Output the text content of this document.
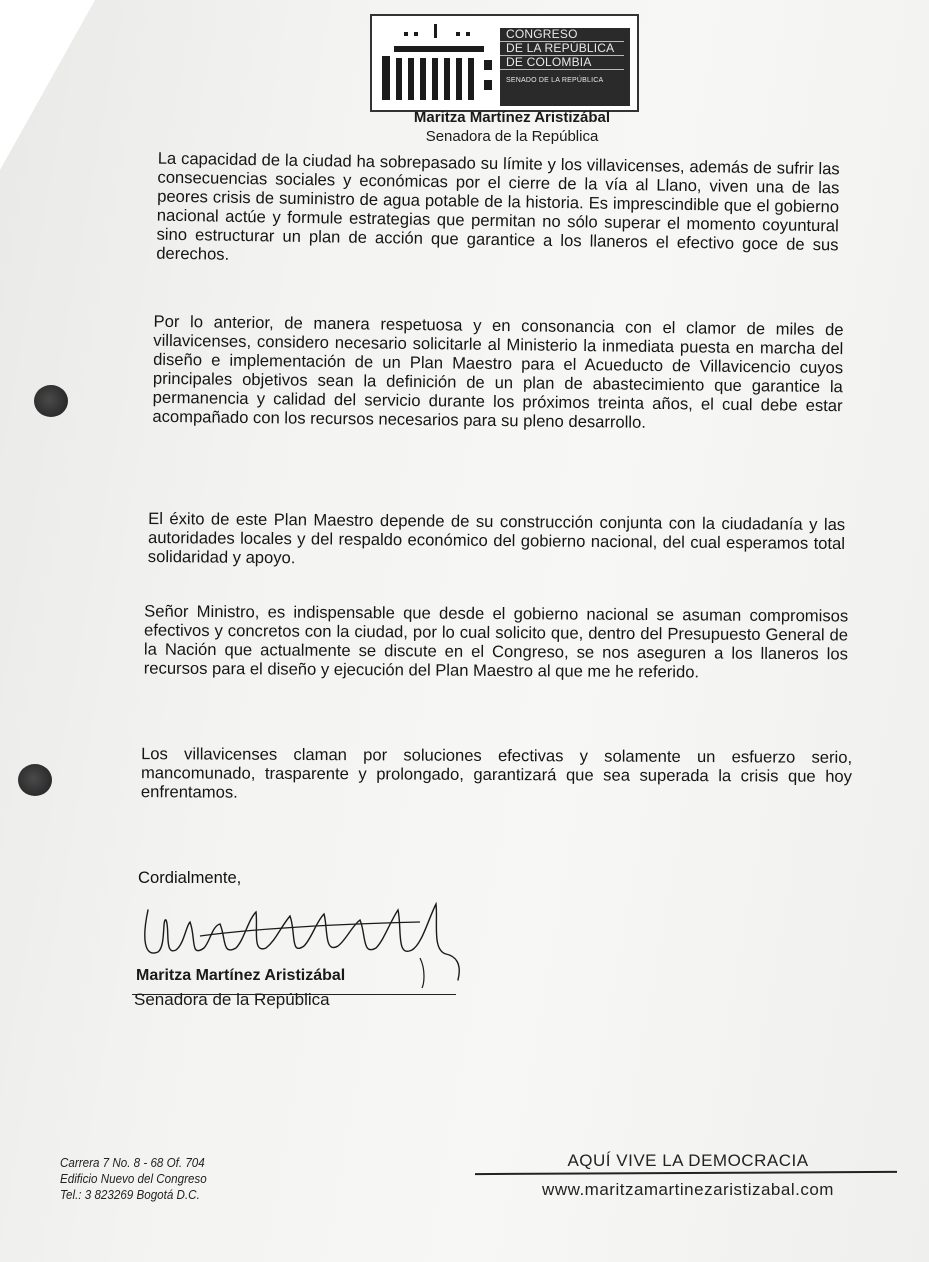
CONGRESO
DE LA REPÚBLICA
DE COLOMBIA
SENADO DE LA REPÚBLICA
Maritza Martínez Aristizábal
Senadora de la República

La capacidad de la ciudad ha sobrepasado su límite y los villavicenses, además de sufrir las consecuencias sociales y económicas por el cierre de la vía al Llano, viven una de las peores crisis de suministro de agua potable de la historia. Es imprescindible que el gobierno nacional actúe y formule estrategias que permitan no sólo superar el momento coyuntural sino estructurar un plan de acción que garantice a los llaneros el efectivo goce de sus derechos.

Por lo anterior, de manera respetuosa y en consonancia con el clamor de miles de villavicenses, considero necesario solicitarle al Ministerio la inmediata puesta en marcha del diseño e implementación de un Plan Maestro para el Acueducto de Villavicencio cuyos principales objetivos sean la definición de un plan de abastecimiento que garantice la permanencia y calidad del servicio durante los próximos treinta años, el cual debe estar acompañado con los recursos necesarios para su pleno desarrollo.

El éxito de este Plan Maestro depende de su construcción conjunta con la ciudadanía y las autoridades locales y del respaldo económico del gobierno nacional, del cual esperamos total solidaridad y apoyo.

Señor Ministro, es indispensable que desde el gobierno nacional se asuman compromisos efectivos y concretos con la ciudad, por lo cual solicito que, dentro del Presupuesto General de la Nación que actualmente se discute en el Congreso, se nos aseguren a los llaneros los recursos para el diseño y ejecución del Plan Maestro al que me he referido.

Los villavicenses claman por soluciones efectivas y solamente un esfuerzo serio, mancomunado, trasparente y prolongado, garantizará que sea superada la crisis que hoy enfrentamos.

Cordialmente,
Maritza Martínez Aristizábal
Senadora de la República
Carrera 7 No. 8 - 68 Of. 704
Edificio Nuevo del Congreso
Tel.: 3 823269 Bogotá D.C.
AQUÍ VIVE LA DEMOCRACIA
www.maritzamartinezaristizabal.com
